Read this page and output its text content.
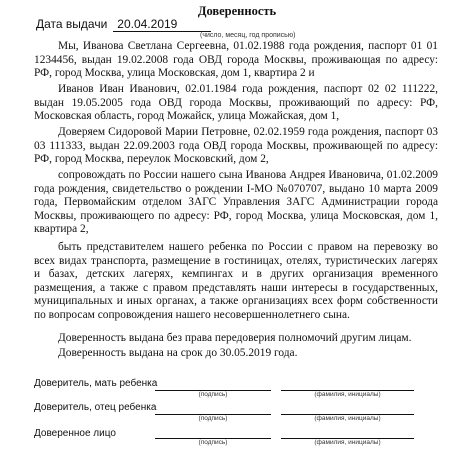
Доверенность
Дата выдачи 20.04.2019
(число, месяц, год прописью)

Мы, Иванова Светлана Сергеевна, 01.02.1988 года рождения, паспорт 01 01 1234456, выдан 19.02.2008 года ОВД города Москвы, проживающая по адресу: РФ, город Москва, улица Московская, дом 1, квартира 2 и

Иванов Иван Иванович, 02.01.1984 года рождения, паспорт 02 02 111222, выдан 19.05.2005 года ОВД города Москвы, проживающий по адресу: РФ, Московская область, город Можайск, улица Можайская, дом 1,

Доверяем Сидоровой Марии Петровне, 02.02.1959 года рождения, паспорт 03 03 111333, выдан 22.09.2003 года ОВД города Москвы, проживающей по адресу: РФ, город Москва, переулок Московский, дом 2,

сопровождать по России нашего сына Иванова Андрея Ивановича, 01.02.2009 года рождения, свидетельство о рождении I-МО №070707, выдано 10 марта 2009 года, Первомайским отделом ЗАГС Управления ЗАГС Администрации города Москвы, проживающего по адресу: РФ, город Москва, улица Московская, дом 1, квартира 2,

быть представителем нашего ребенка по России с правом на перевозку во всех видах транспорта, размещение в гостиницах, отелях, туристических лагерях и базах, детских лагерях, кемпингах и в других организация временного размещения, а также с правом представлять наши интересы в государственных, муниципальных и иных органах, а также организациях всех форм собственности по вопросам сопровождения нашего несовершеннолетнего сына.

Доверенность выдана без права передоверия полномочий другим лицам.

Доверенность выдана на срок до 30.05.2019 года.

Доверитель, мать ребенка
(подпись)	(фамилия, инициалы)
Доверитель, отец ребенка
(подпись)	(фамилия, инициалы)
Доверенное лицо
(подпись)	(фамилия, инициалы)
